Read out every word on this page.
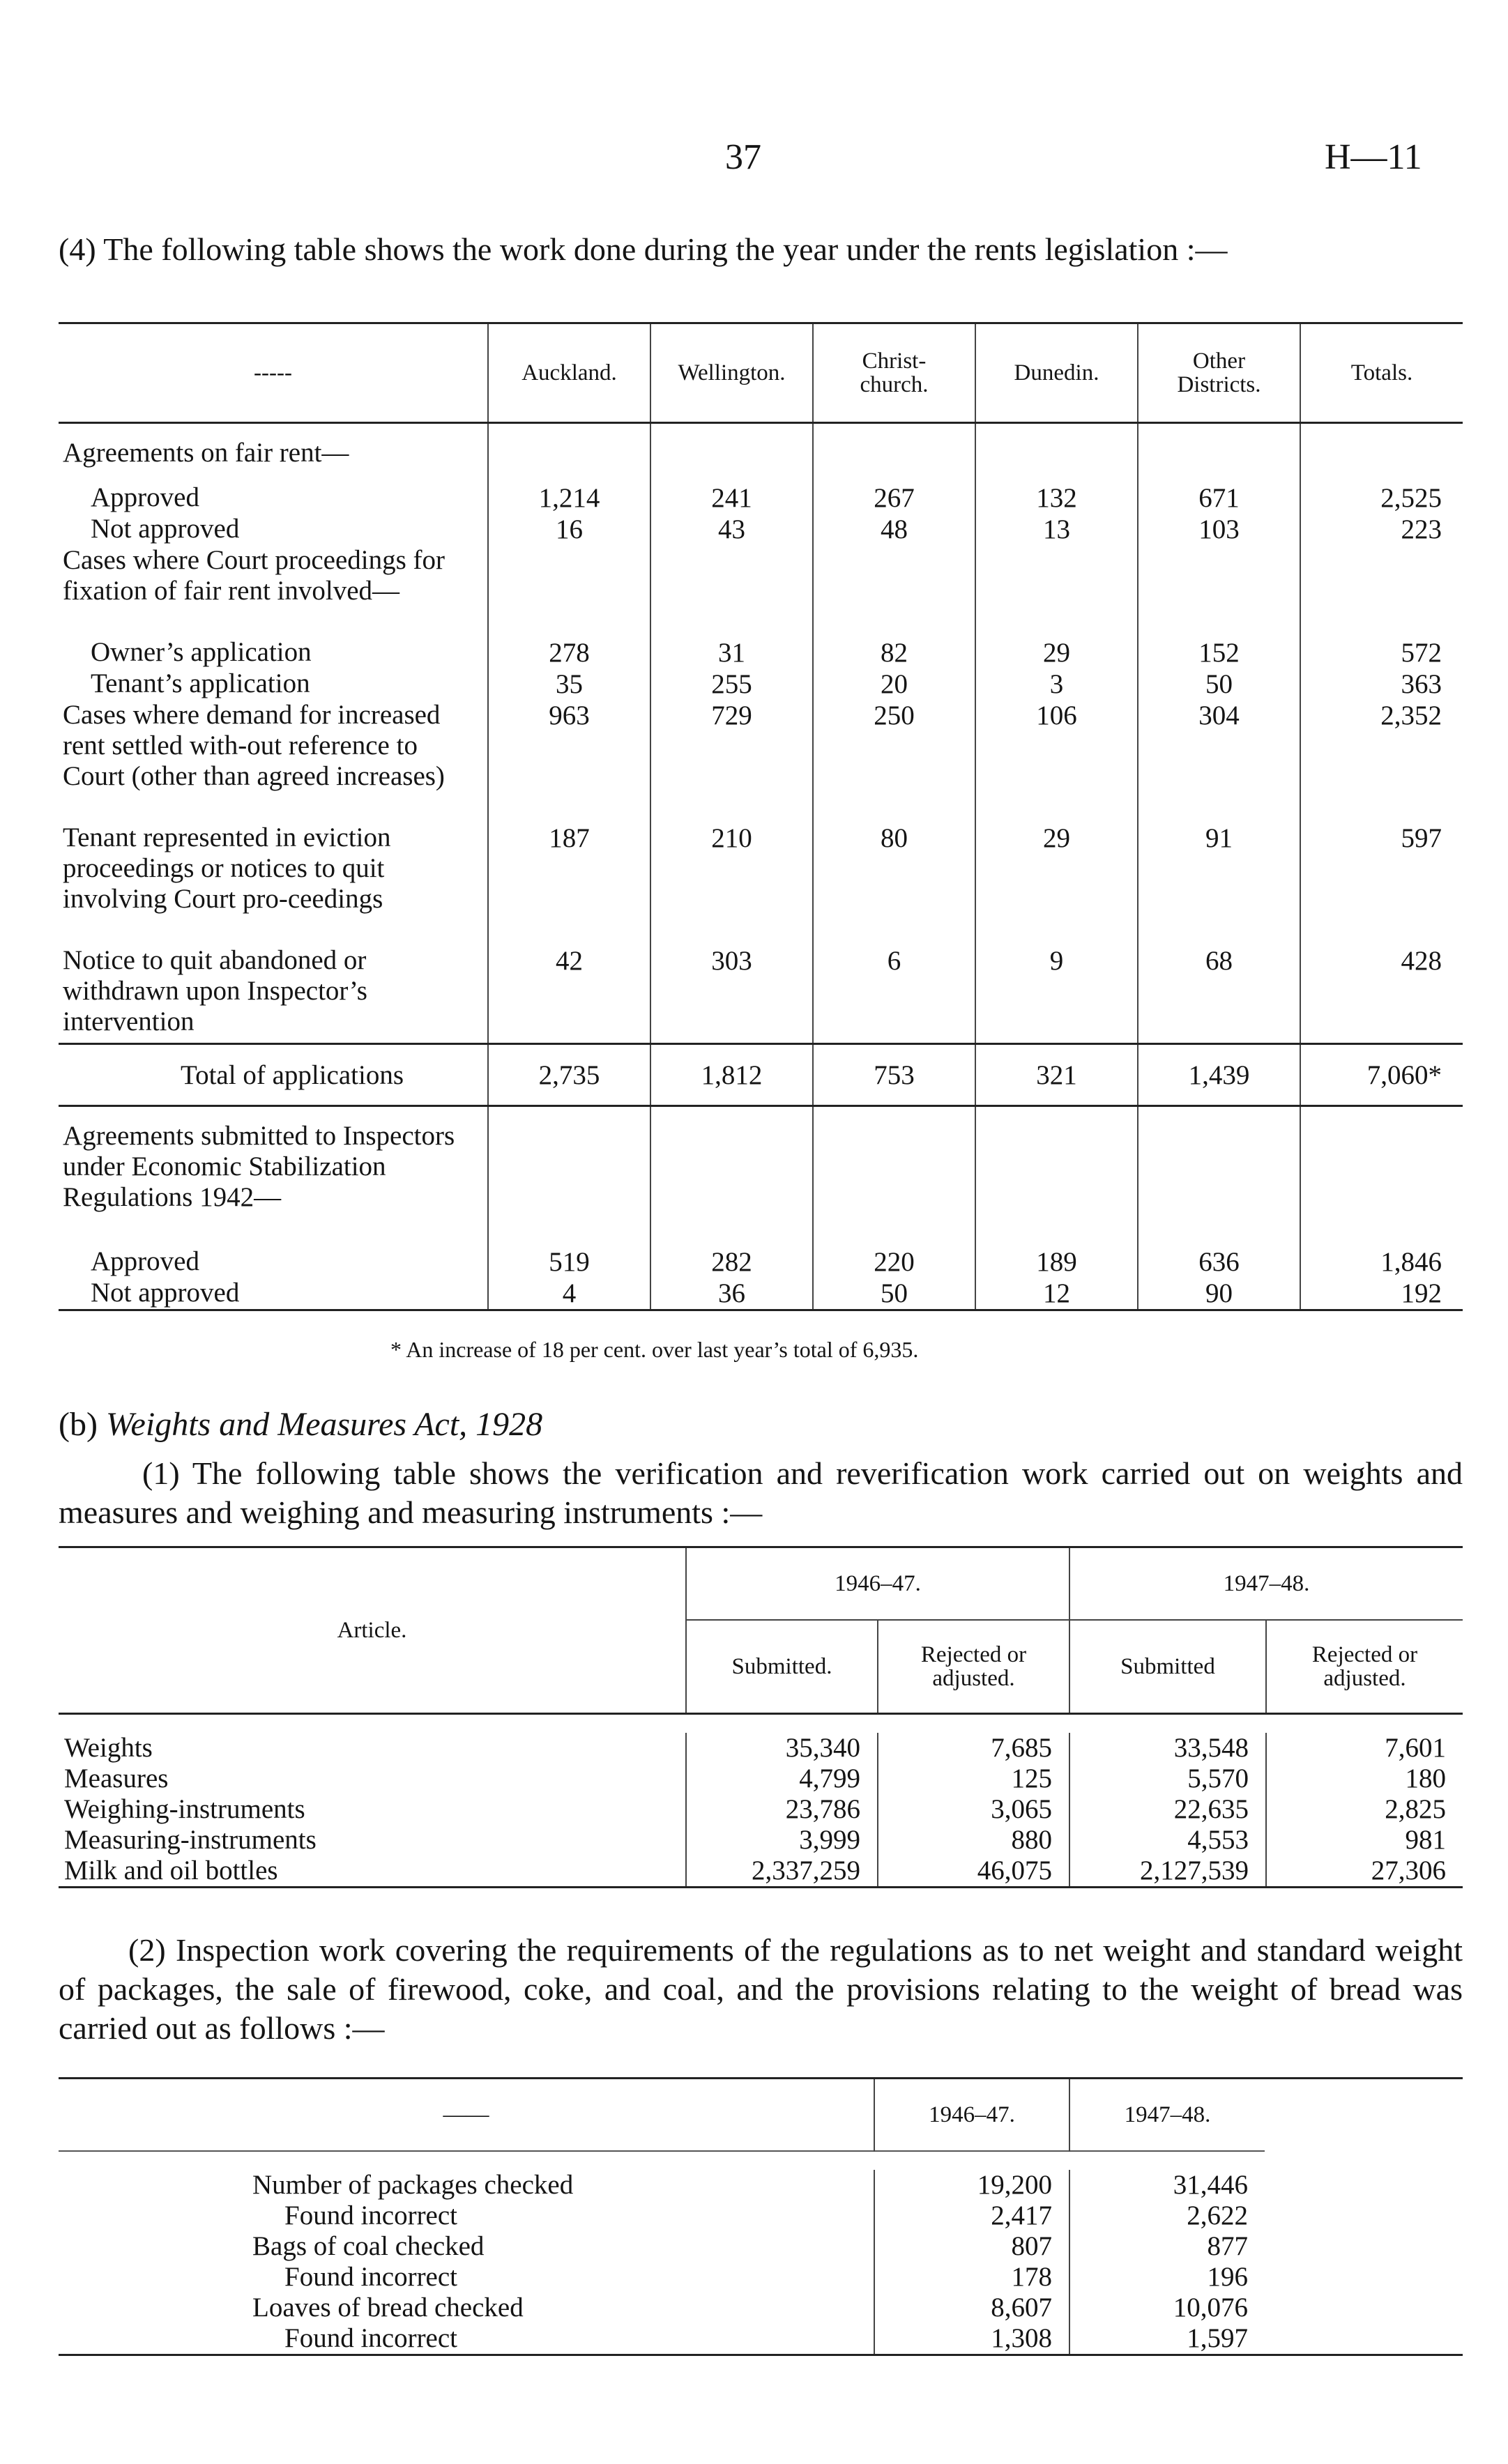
37	H—11
(4) The following table shows the work done during the year under the rents legislation :—
-----	Auckland.	Wellington.	Christ-church.	Dunedin.	Other Districts.	Totals.
Agreements on fair rent—						

Approved	1,214	241	267	132	671	2,525

Not approved	16	43	48	13	103	223

Cases where Court proceedings for fixation of fair rent involved—						

Owner’s application	278	31	82	29	152	572

Tenant’s application	35	255	20	3	50	363

Cases where demand for increased rent settled with-out reference to Court (other than agreed increases)	963	729	250	106	304	2,352

Tenant represented in eviction proceedings or notices to quit involving Court pro-ceedings	187	210	80	29	91	597

Notice to quit abandoned or withdrawn upon Inspector’s intervention	42	303	6	9	68	428
Total of applications	2,735	1,812	753	321	1,439	7,060*
Agreements submitted to Inspectors under Economic Stabilization Regulations 1942—						

Approved	519	282	220	189	636	1,846

Not approved	4	36	50	12	90	192
* An increase of 18 per cent. over last year’s total of 6,935.
(b) Weights and Measures Act, 1928
(1) The following table shows the verification and reverification work carried out on weights and measures and weighing and measuring instruments :—
Article.	1946–47.		1947–48.	
	Submitted.	Rejected or adjusted.	Submitted	Rejected or adjusted.

Weights	35,340	7,685	33,548	7,601
Measures	4,799	125	5,570	180
Weighing-instruments	23,786	3,065	22,635	2,825
Measuring-instruments	3,999	880	4,553	981
Milk and oil bottles	2,337,259	46,075	2,127,539	27,306
(2) Inspection work covering the requirements of the regulations as to net weight and standard weight of packages, the sale of firewood, coke, and coal, and the provisions relating to the weight of bread was carried out as follows :—
——	1946–47.	1947–48.	

Number of packages checked	19,200	31,446	
Found incorrect	2,417	2,622	
Bags of coal checked	807	877	
Found incorrect	178	196	
Loaves of bread checked	8,607	10,076	
Found incorrect	1,308	1,597	
